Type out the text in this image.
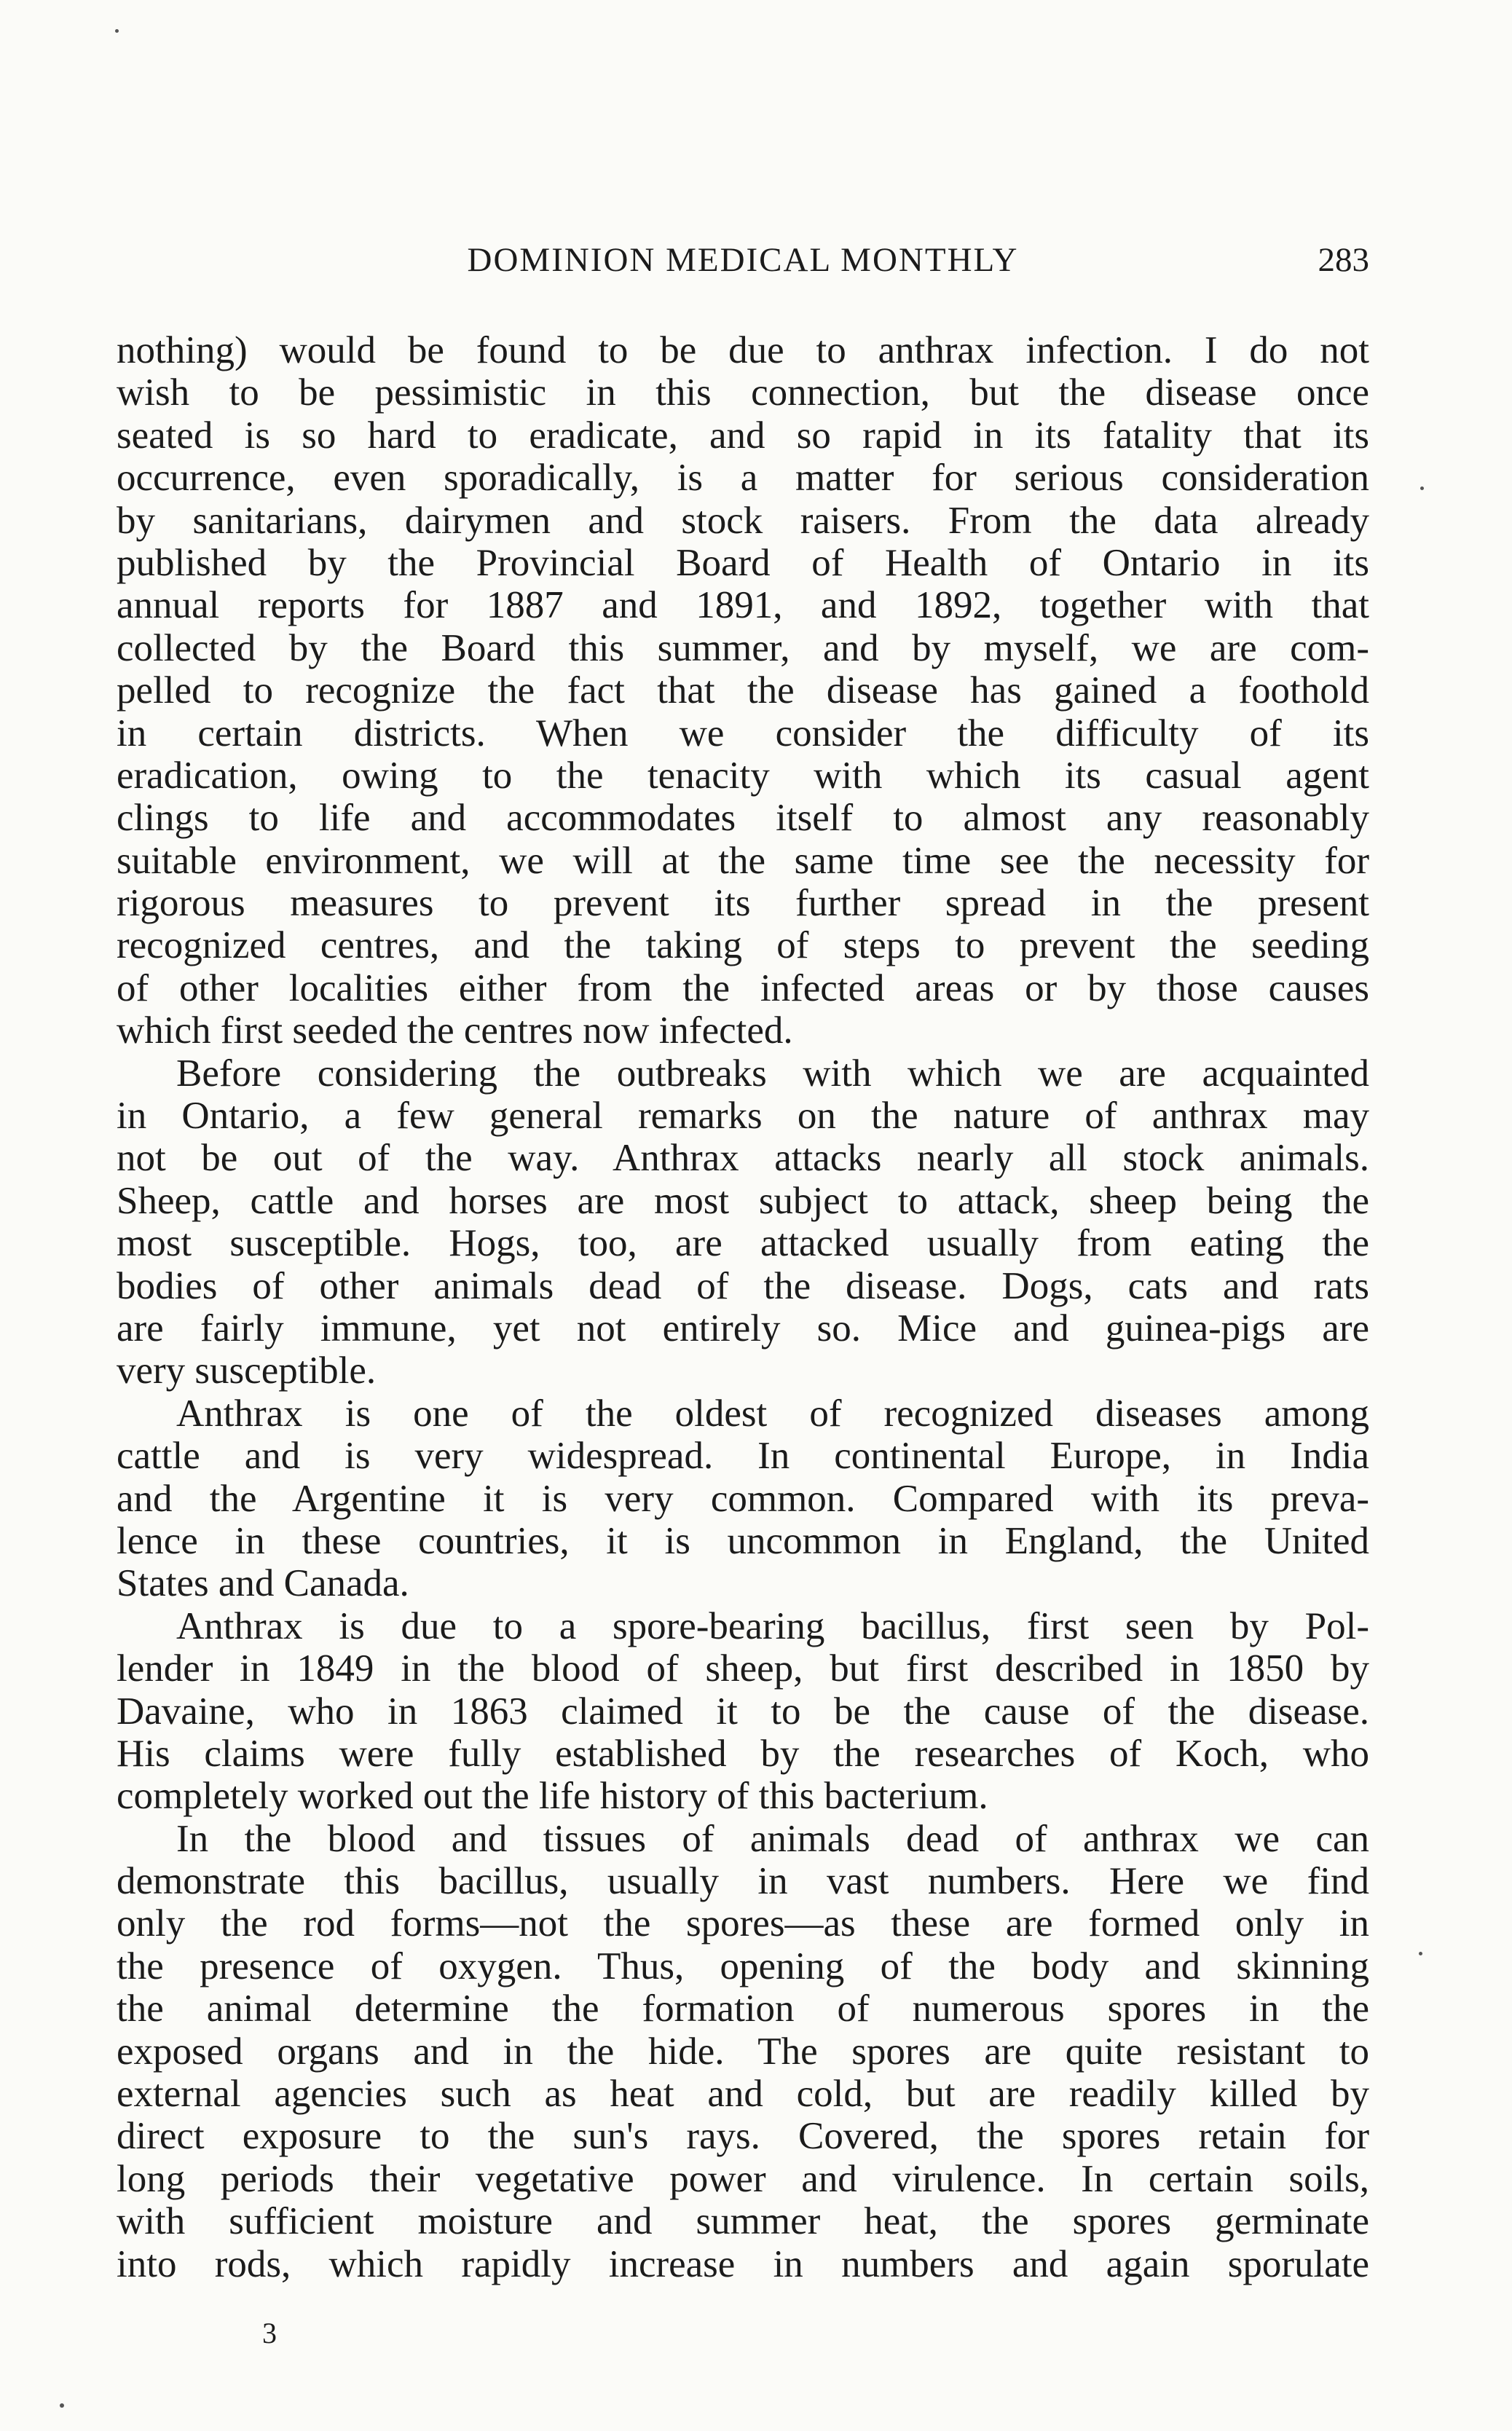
DOMINION MEDICAL MONTHLY	283
nothing) would be found to be due to anthrax infection. I do not
wish to be pessimistic in this connection, but the disease once
seated is so hard to eradicate, and so rapid in its fatality that its
occurrence, even sporadically, is a matter for serious consideration
by sanitarians, dairymen and stock raisers. From the data already
published by the Provincial Board of Health of Ontario in its
annual reports for 1887 and 1891, and 1892, together with that
collected by the Board this summer, and by myself, we are com-
pelled to recognize the fact that the disease has gained a foothold
in certain districts. When we consider the difficulty of its
eradication, owing to the tenacity with which its casual agent
clings to life and accommodates itself to almost any reasonably
suitable environment, we will at the same time see the necessity for
rigorous measures to prevent its further spread in the present
recognized centres, and the taking of steps to prevent the seeding
of other localities either from the infected areas or by those causes
which first seeded the centres now infected.
Before considering the outbreaks with which we are acquainted
in Ontario, a few general remarks on the nature of anthrax may
not be out of the way. Anthrax attacks nearly all stock animals.
Sheep, cattle and horses are most subject to attack, sheep being the
most susceptible. Hogs, too, are attacked usually from eating the
bodies of other animals dead of the disease. Dogs, cats and rats
are fairly immune, yet not entirely so. Mice and guinea-pigs are
very susceptible.
Anthrax is one of the oldest of recognized diseases among
cattle and is very widespread. In continental Europe, in India
and the Argentine it is very common. Compared with its preva-
lence in these countries, it is uncommon in England, the United
States and Canada.
Anthrax is due to a spore-bearing bacillus, first seen by Pol-
lender in 1849 in the blood of sheep, but first described in 1850 by
Davaine, who in 1863 claimed it to be the cause of the disease.
His claims were fully established by the researches of Koch, who
completely worked out the life history of this bacterium.
In the blood and tissues of animals dead of anthrax we can
demonstrate this bacillus, usually in vast numbers. Here we find
only the rod forms—not the spores—as these are formed only in
the presence of oxygen. Thus, opening of the body and skinning
the animal determine the formation of numerous spores in the
exposed organs and in the hide. The spores are quite resistant to
external agencies such as heat and cold, but are readily killed by
direct exposure to the sun's rays. Covered, the spores retain for
long periods their vegetative power and virulence. In certain soils,
with sufficient moisture and summer heat, the spores germinate
into rods, which rapidly increase in numbers and again sporulate
3
